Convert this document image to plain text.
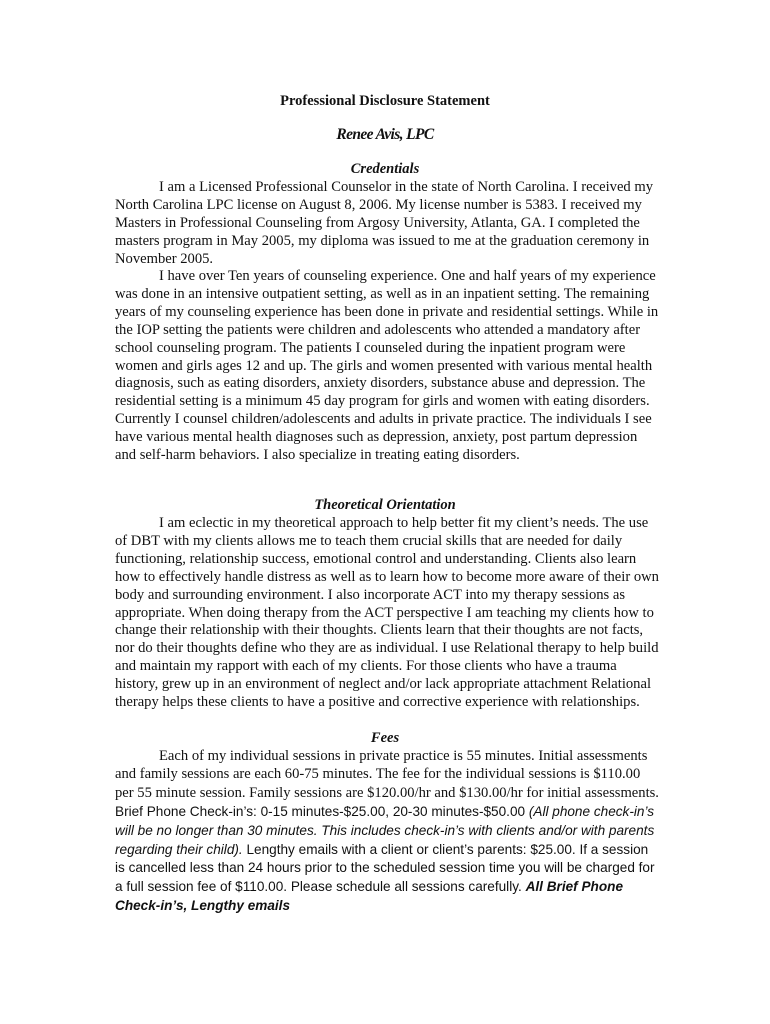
Professional Disclosure Statement
Renee Avis, LPC
Credentials

I am a Licensed Professional Counselor in the state of North Carolina. I received my North Carolina LPC license on August 8, 2006. My license number is 5383. I received my Masters in Professional Counseling from Argosy University, Atlanta, GA. I completed the masters program in May 2005, my diploma was issued to me at the graduation ceremony in November 2005.

I have over Ten years of counseling experience. One and half years of my experience was done in an intensive outpatient setting, as well as in an inpatient setting. The remaining years of my counseling experience has been done in private and residential settings. While in the IOP setting the patients were children and adolescents who attended a mandatory after school counseling program. The patients I counseled during the inpatient program were women and girls ages 12 and up. The girls and women presented with various mental health diagnosis, such as eating disorders, anxiety disorders, substance abuse and depression. The residential setting is a minimum 45 day program for girls and women with eating disorders. Currently I counsel children/adolescents and adults in private practice. The individuals I see have various mental health diagnoses such as depression, anxiety, post partum depression and self-harm behaviors. I also specialize in treating eating disorders.

Theoretical Orientation

I am eclectic in my theoretical approach to help better fit my client’s needs. The use of DBT with my clients allows me to teach them crucial skills that are needed for daily functioning, relationship success, emotional control and understanding. Clients also learn how to effectively handle distress as well as to learn how to become more aware of their own body and surrounding environment. I also incorporate ACT into my therapy sessions as appropriate. When doing therapy from the ACT perspective I am teaching my clients how to change their relationship with their thoughts. Clients learn that their thoughts are not facts, nor do their thoughts define who they are as individual. I use Relational therapy to help build and maintain my rapport with each of my clients. For those clients who have a trauma history, grew up in an environment of neglect and/or lack appropriate attachment Relational therapy helps these clients to have a positive and corrective experience with relationships.

Fees

Each of my individual sessions in private practice is 55 minutes. Initial assessments and family sessions are each 60-75 minutes. The fee for the individual sessions is $110.00 per 55 minute session. Family sessions are $120.00/hr and $130.00/hr for initial assessments. Brief Phone Check-in’s: 0-15 minutes-$25.00, 20-30 minutes-$50.00 (All phone check-in’s will be no longer than 30 minutes. This includes check-in’s with clients and/or with parents regarding their child). Lengthy emails with a client or client’s parents: $25.00. If a session is cancelled less than 24 hours prior to the scheduled session time you will be charged for a full session fee of $110.00. Please schedule all sessions carefully. All Brief Phone Check-in’s, Lengthy emails
